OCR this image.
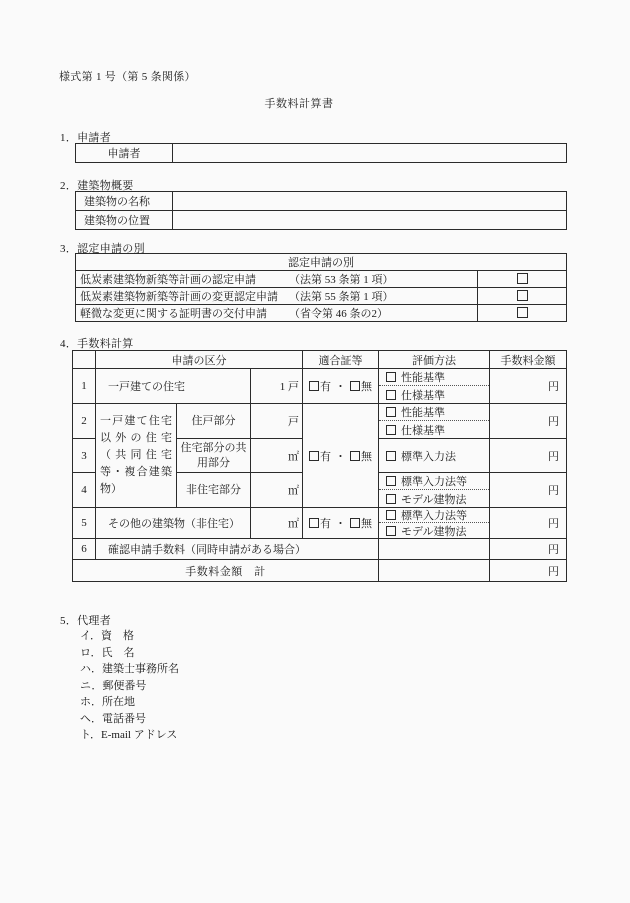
様式第 1 号（第 5 条関係）
手数料計算書
1．申請者
申請者	
2．建築物概要
建築物の名称	
建築物の位置	
3．認定申請の別
認定申請の別	
低炭素建築物新築等計画の認定申請 （法第 53 条第 1 項）	
低炭素建築物新築等計画の変更認定申請 （法第 55 条第 1 項）	
軽微な変更に関する証明書の交付申請 （省令第 46 条の2）	
4．手数料計算
	申請の区分			適合証等	評価方法	手数料金額
1	一戸建ての住宅		1 戸	有 ・ 無	性能基準
仕様基準	円
2	一戸建て住宅以外の住宅（共同住宅等・複合建築物）	住戸部分	戸	有 ・ 無	性能基準
仕様基準	円
3		住宅部分の共用部分	㎡		標準入力法	円
4		非住宅部分	㎡		標準入力法等
モデル建物法	円
5	その他の建築物（非住宅）		㎡	有 ・ 無	標準入力法等
モデル建物法	円
6	確認申請手数料（同時申請がある場合）					円
手数料金額　計						円
5．代理者
イ．資　格
ロ．氏　名
ハ．建築士事務所名
ニ．郵便番号
ホ．所在地
ヘ．電話番号
ト．E-mail アドレス
